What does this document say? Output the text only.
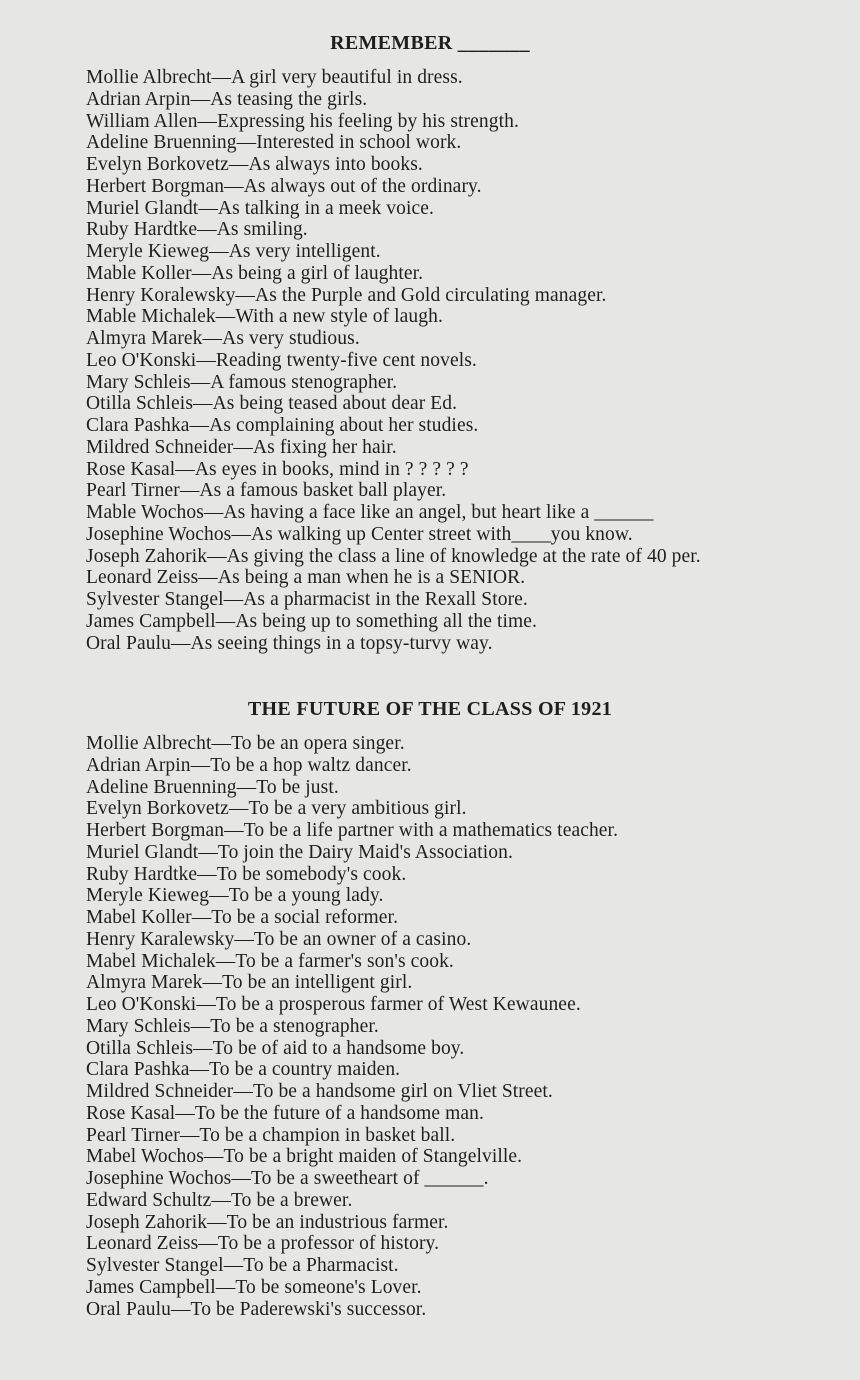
REMEMBER _______
Mollie Albrecht—A girl very beautiful in dress.
Adrian Arpin—As teasing the girls.
William Allen—Expressing his feeling by his strength.
Adeline Bruenning—Interested in school work.
Evelyn Borkovetz—As always into books.
Herbert Borgman—As always out of the ordinary.
Muriel Glandt—As talking in a meek voice.
Ruby Hardtke—As smiling.
Meryle Kieweg—As very intelligent.
Mable Koller—As being a girl of laughter.
Henry Koralewsky—As the Purple and Gold circulating manager.
Mable Michalek—With a new style of laugh.
Almyra Marek—As very studious.
Leo O'Konski—Reading twenty-five cent novels.
Mary Schleis—A famous stenographer.
Otilla Schleis—As being teased about dear Ed.
Clara Pashka—As complaining about her studies.
Mildred Schneider—As fixing her hair.
Rose Kasal—As eyes in books, mind in ? ? ? ? ?
Pearl Tirner—As a famous basket ball player.
Mable Wochos—As having a face like an angel, but heart like a ______
Josephine Wochos—As walking up Center street with____you know.
Joseph Zahorik—As giving the class a line of knowledge at the rate of 40 per.
Leonard Zeiss—As being a man when he is a SENIOR.
Sylvester Stangel—As a pharmacist in the Rexall Store.
James Campbell—As being up to something all the time.
Oral Paulu—As seeing things in a topsy-turvy way.
THE FUTURE OF THE CLASS OF 1921
Mollie Albrecht—To be an opera singer.
Adrian Arpin—To be a hop waltz dancer.
Adeline Bruenning—To be just.
Evelyn Borkovetz—To be a very ambitious girl.
Herbert Borgman—To be a life partner with a mathematics teacher.
Muriel Glandt—To join the Dairy Maid's Association.
Ruby Hardtke—To be somebody's cook.
Meryle Kieweg—To be a young lady.
Mabel Koller—To be a social reformer.
Henry Karalewsky—To be an owner of a casino.
Mabel Michalek—To be a farmer's son's cook.
Almyra Marek—To be an intelligent girl.
Leo O'Konski—To be a prosperous farmer of West Kewaunee.
Mary Schleis—To be a stenographer.
Otilla Schleis—To be of aid to a handsome boy.
Clara Pashka—To be a country maiden.
Mildred Schneider—To be a handsome girl on Vliet Street.
Rose Kasal—To be the future of a handsome man.
Pearl Tirner—To be a champion in basket ball.
Mabel Wochos—To be a bright maiden of Stangelville.
Josephine Wochos—To be a sweetheart of ______.
Edward Schultz—To be a brewer.
Joseph Zahorik—To be an industrious farmer.
Leonard Zeiss—To be a professor of history.
Sylvester Stangel—To be a Pharmacist.
James Campbell—To be someone's Lover.
Oral Paulu—To be Paderewski's successor.
